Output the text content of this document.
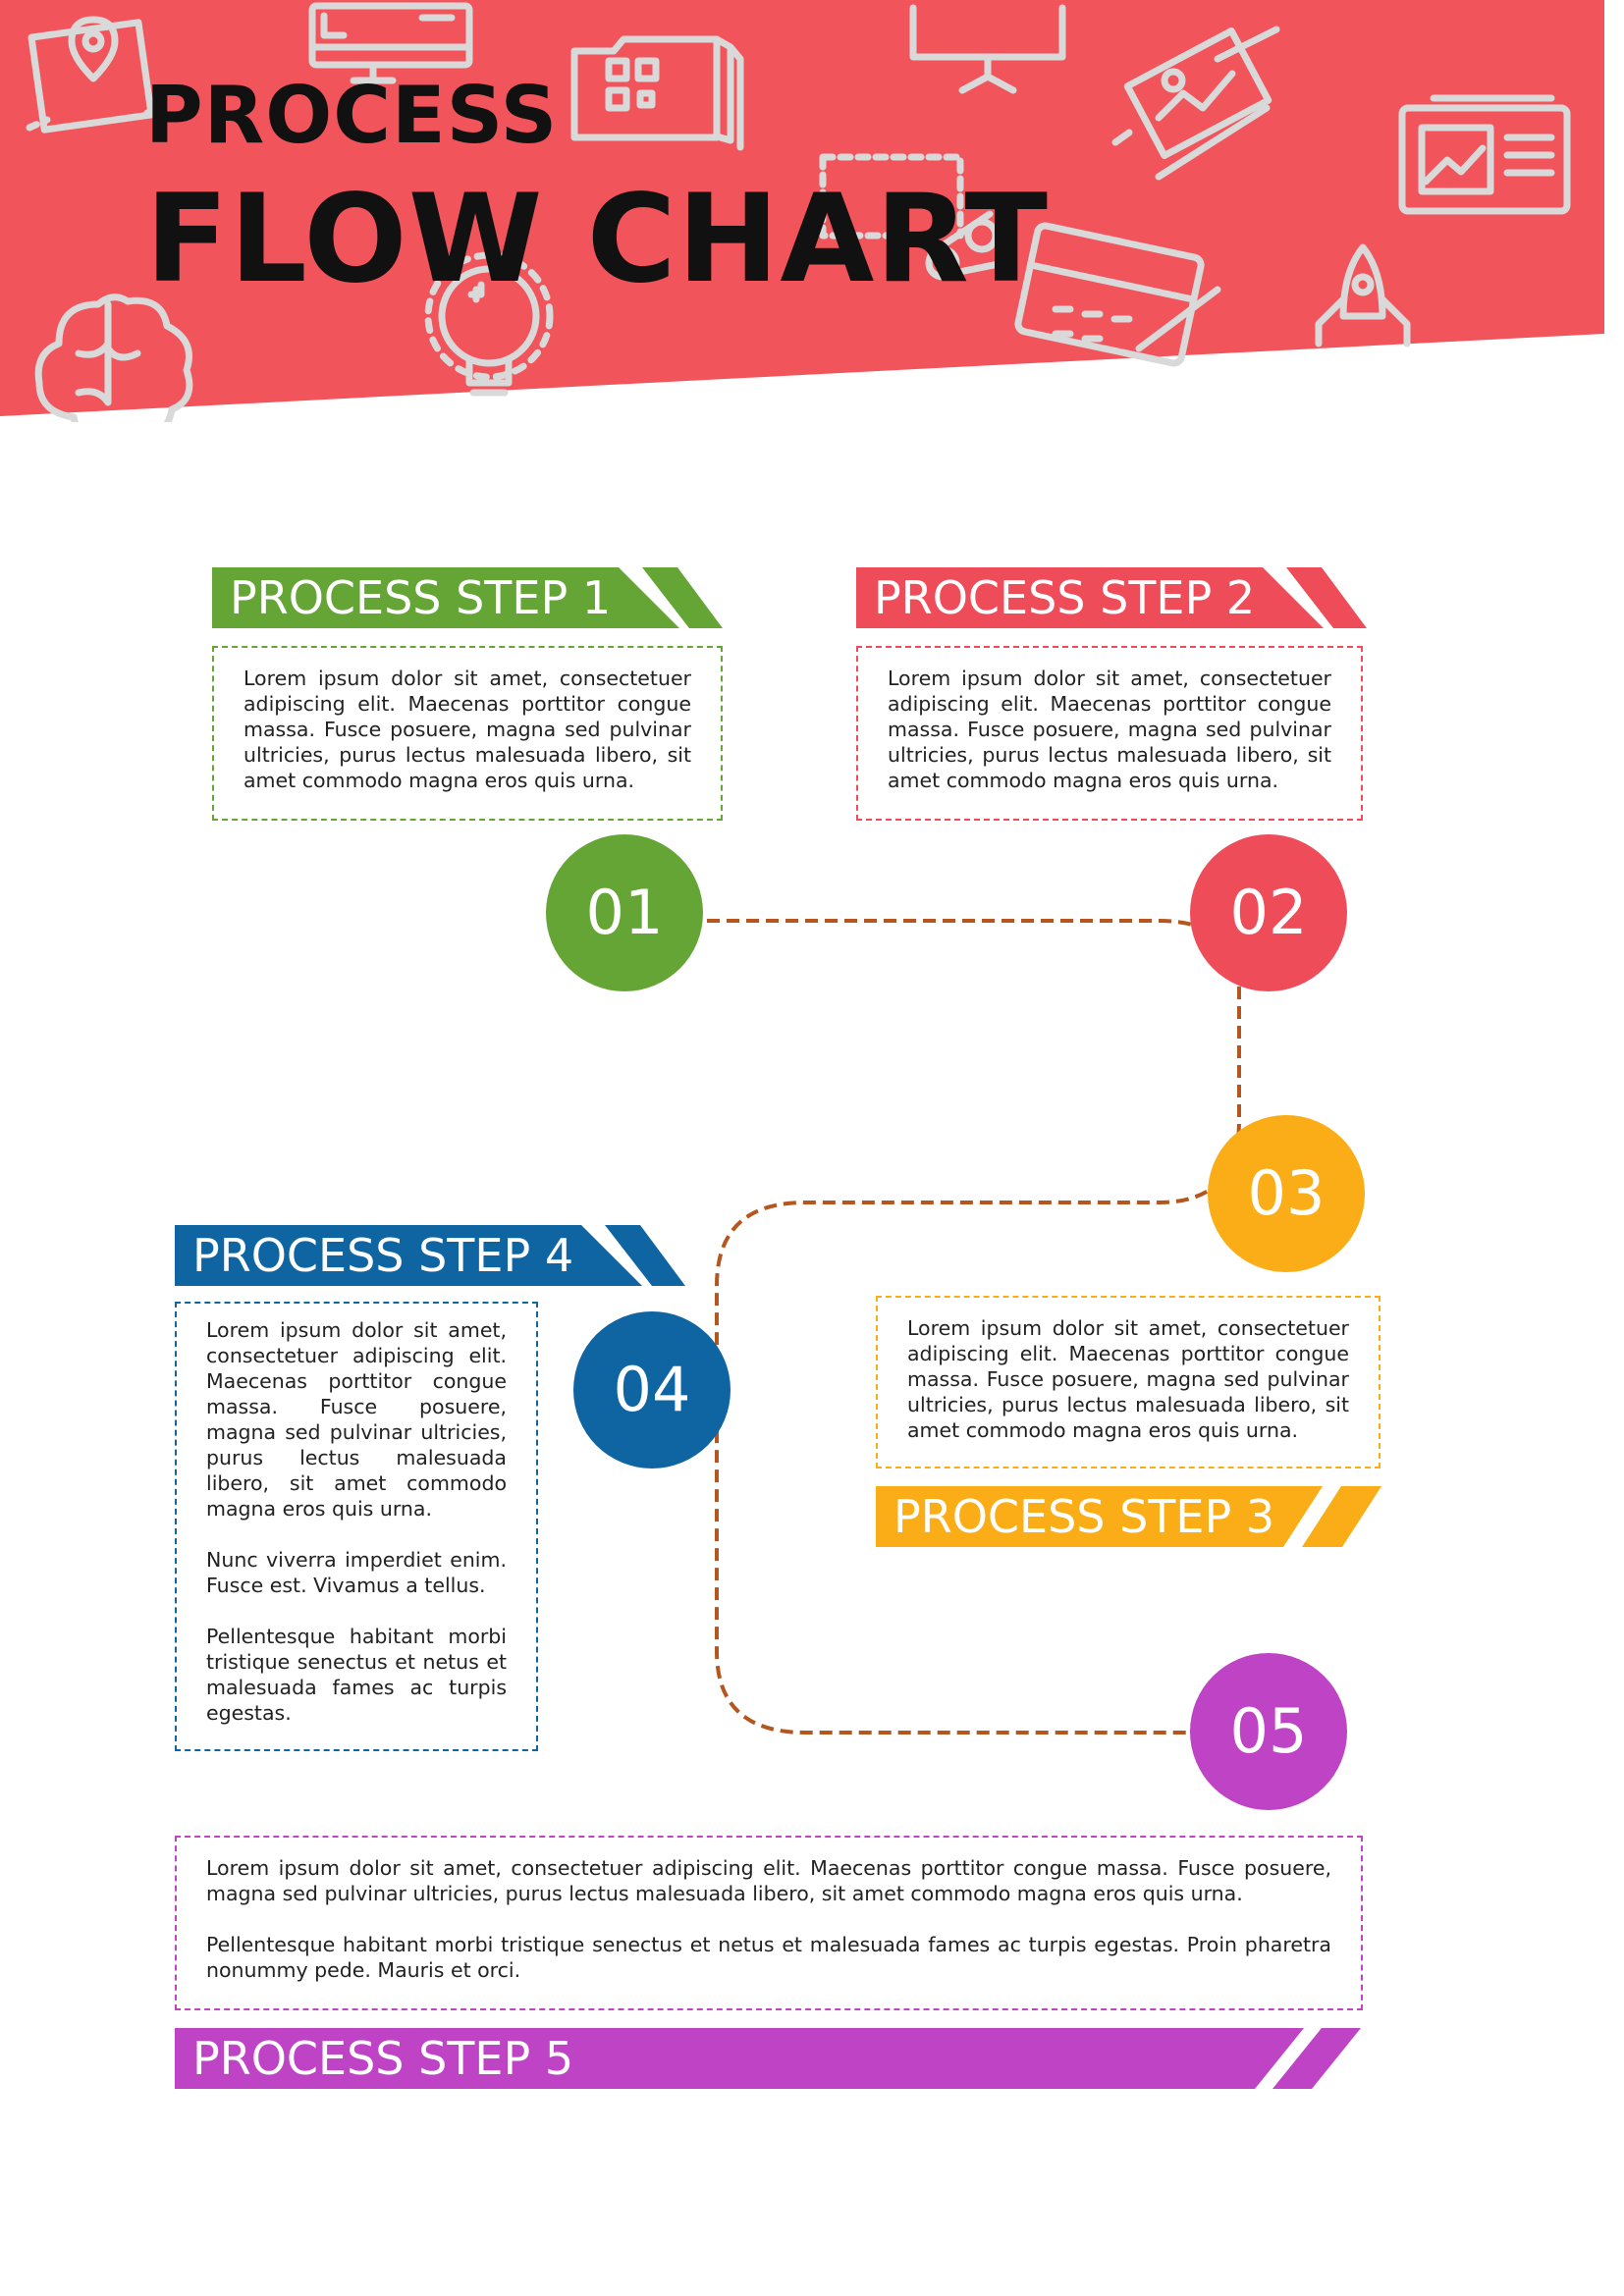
PROCESS
FLOW CHART
PROCESS STEP 1	PROCESS STEP 2
PROCESS STEP 4
PROCESS STEP 3
PROCESS STEP 5

Lorem ipsum dolor sit amet, consectetuer adipiscing elit. Maecenas porttitor congue massa. Fusce posuere, magna sed pulvinar ultricies, purus lectus malesuada libero, sit amet commodo magna eros quis urna.

Lorem ipsum dolor sit amet, consectetuer adipiscing elit. Maecenas porttitor congue massa. Fusce posuere, magna sed pulvinar ultricies, purus lectus malesuada libero, sit amet commodo magna eros quis urna.

Lorem ipsum dolor sit amet, consectetuer adipiscing elit. Maecenas porttitor congue massa. Fusce posuere, magna sed pulvinar ultricies, purus lectus malesuada libero, sit amet commodo magna eros quis urna.

Lorem ipsum dolor sit amet, consectetuer adipiscing elit. Maecenas porttitor congue massa. Fusce posuere, magna sed pulvinar ultricies, purus lectus malesuada libero, sit amet commodo magna eros quis urna.

Nunc viverra imperdiet enim. Fusce est. Vivamus a tellus.

Pellentesque habitant morbi tristique senectus et netus et malesuada fames ac turpis egestas.

Lorem ipsum dolor sit amet, consectetuer adipiscing elit. Maecenas porttitor congue massa. Fusce posuere, magna sed pulvinar ultricies, purus lectus malesuada libero, sit amet commodo magna eros quis urna.

Pellentesque habitant morbi tristique senectus et netus et malesuada fames ac turpis egestas. Proin pharetra nonummy pede. Mauris et orci.

01	02
03
04
05
